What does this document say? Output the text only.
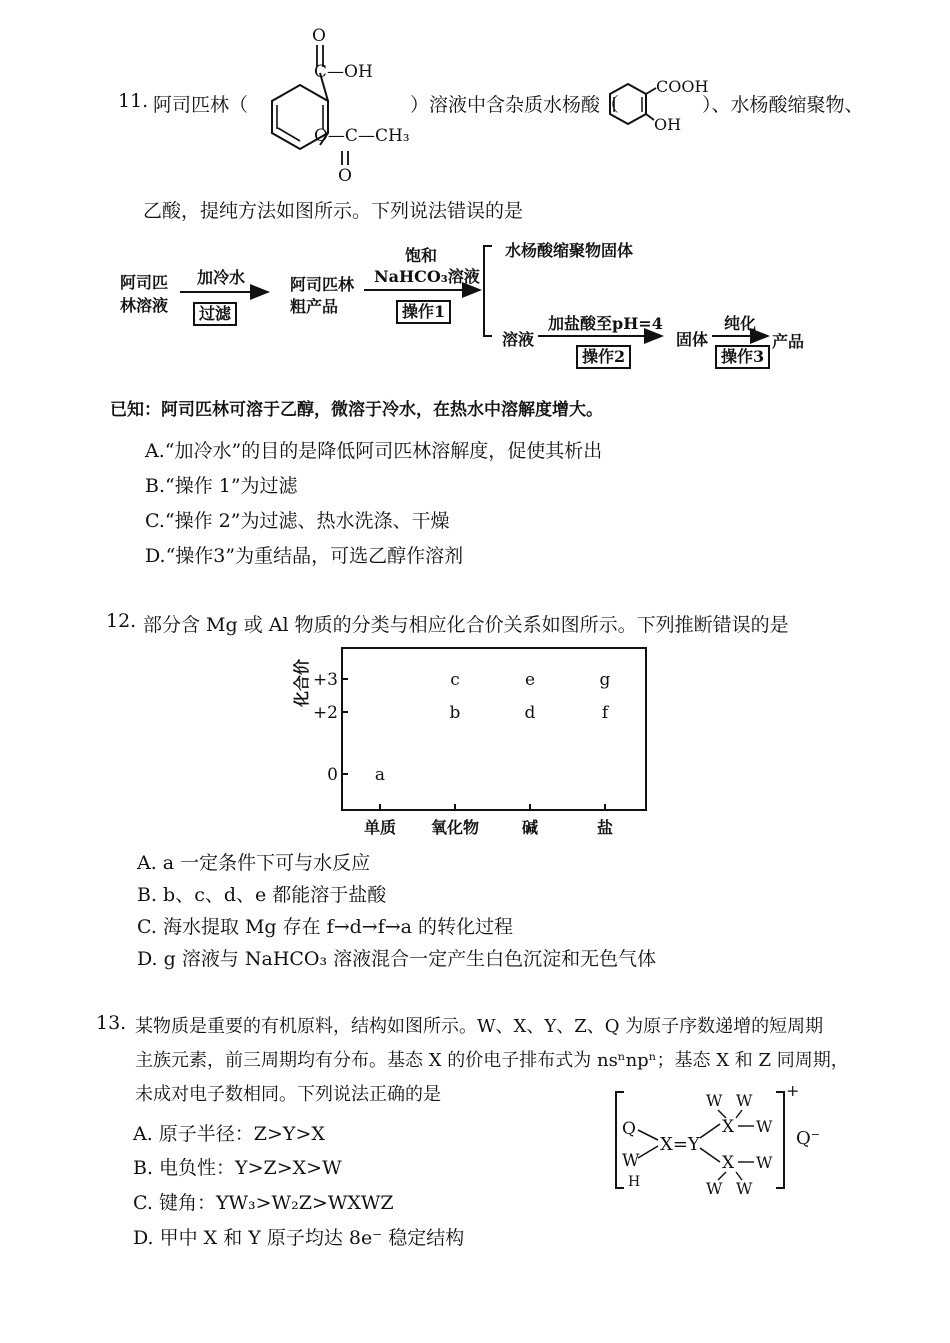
11. 阿司匹林（
O
C—OH
O—C—CH₃
O
）溶液中含杂质水杨酸（
COOH
OH
）、水杨酸缩聚物、
乙酸，提纯方法如图所示。下列说法错误的是
阿司匹
林溶液
加冷水
过滤
阿司匹林
粗产品
饱和
NaHCO₃溶液
操作1
水杨酸缩聚物固体
溶液
加盐酸至pH=4
操作2
固体
纯化
操作3
产品
已知：阿司匹林可溶于乙醇，微溶于冷水，在热水中溶解度增大。
A.“加冷水”的目的是降低阿司匹林溶解度，促使其析出
B.“操作 1”为过滤
C.“操作 2”为过滤、热水洗涤、干燥
D.“操作3”为重结晶，可选乙醇作溶剂
12. 部分含 Mg 或 Al 物质的分类与相应化合价关系如图所示。下列推断错误的是
化合价 +3
+2
0
单质 氧化物	碱	盐
a
b
c
d
e
f
g
A. a 一定条件下可与水反应
B. b、c、d、e 都能溶于盐酸
C. 海水提取 Mg 存在 f→d→f→a 的转化过程
D. g 溶液与 NaHCO₃ 溶液混合一定产生白色沉淀和无色气体
13. 某物质是重要的有机原料，结构如图所示。W、X、Y、Z、Q 为原子序数递增的短周期
主族元素，前三周期均有分布。基态 X 的价电子排布式为 nsⁿnpⁿ；基态 X 和 Z 同周期，
未成对电子数相同。下列说法正确的是
A. 原子半径：Z>Y>X
B. 电负性：Y>Z>X>W
C. 键角：YW₃>W₂Z>WXWZ
D. 甲中 X 和 Y 原子均达 8e⁻ 稳定结构
+
Q⁻
Q
W
H
X=Y
X
X
W W
W
W
W W
